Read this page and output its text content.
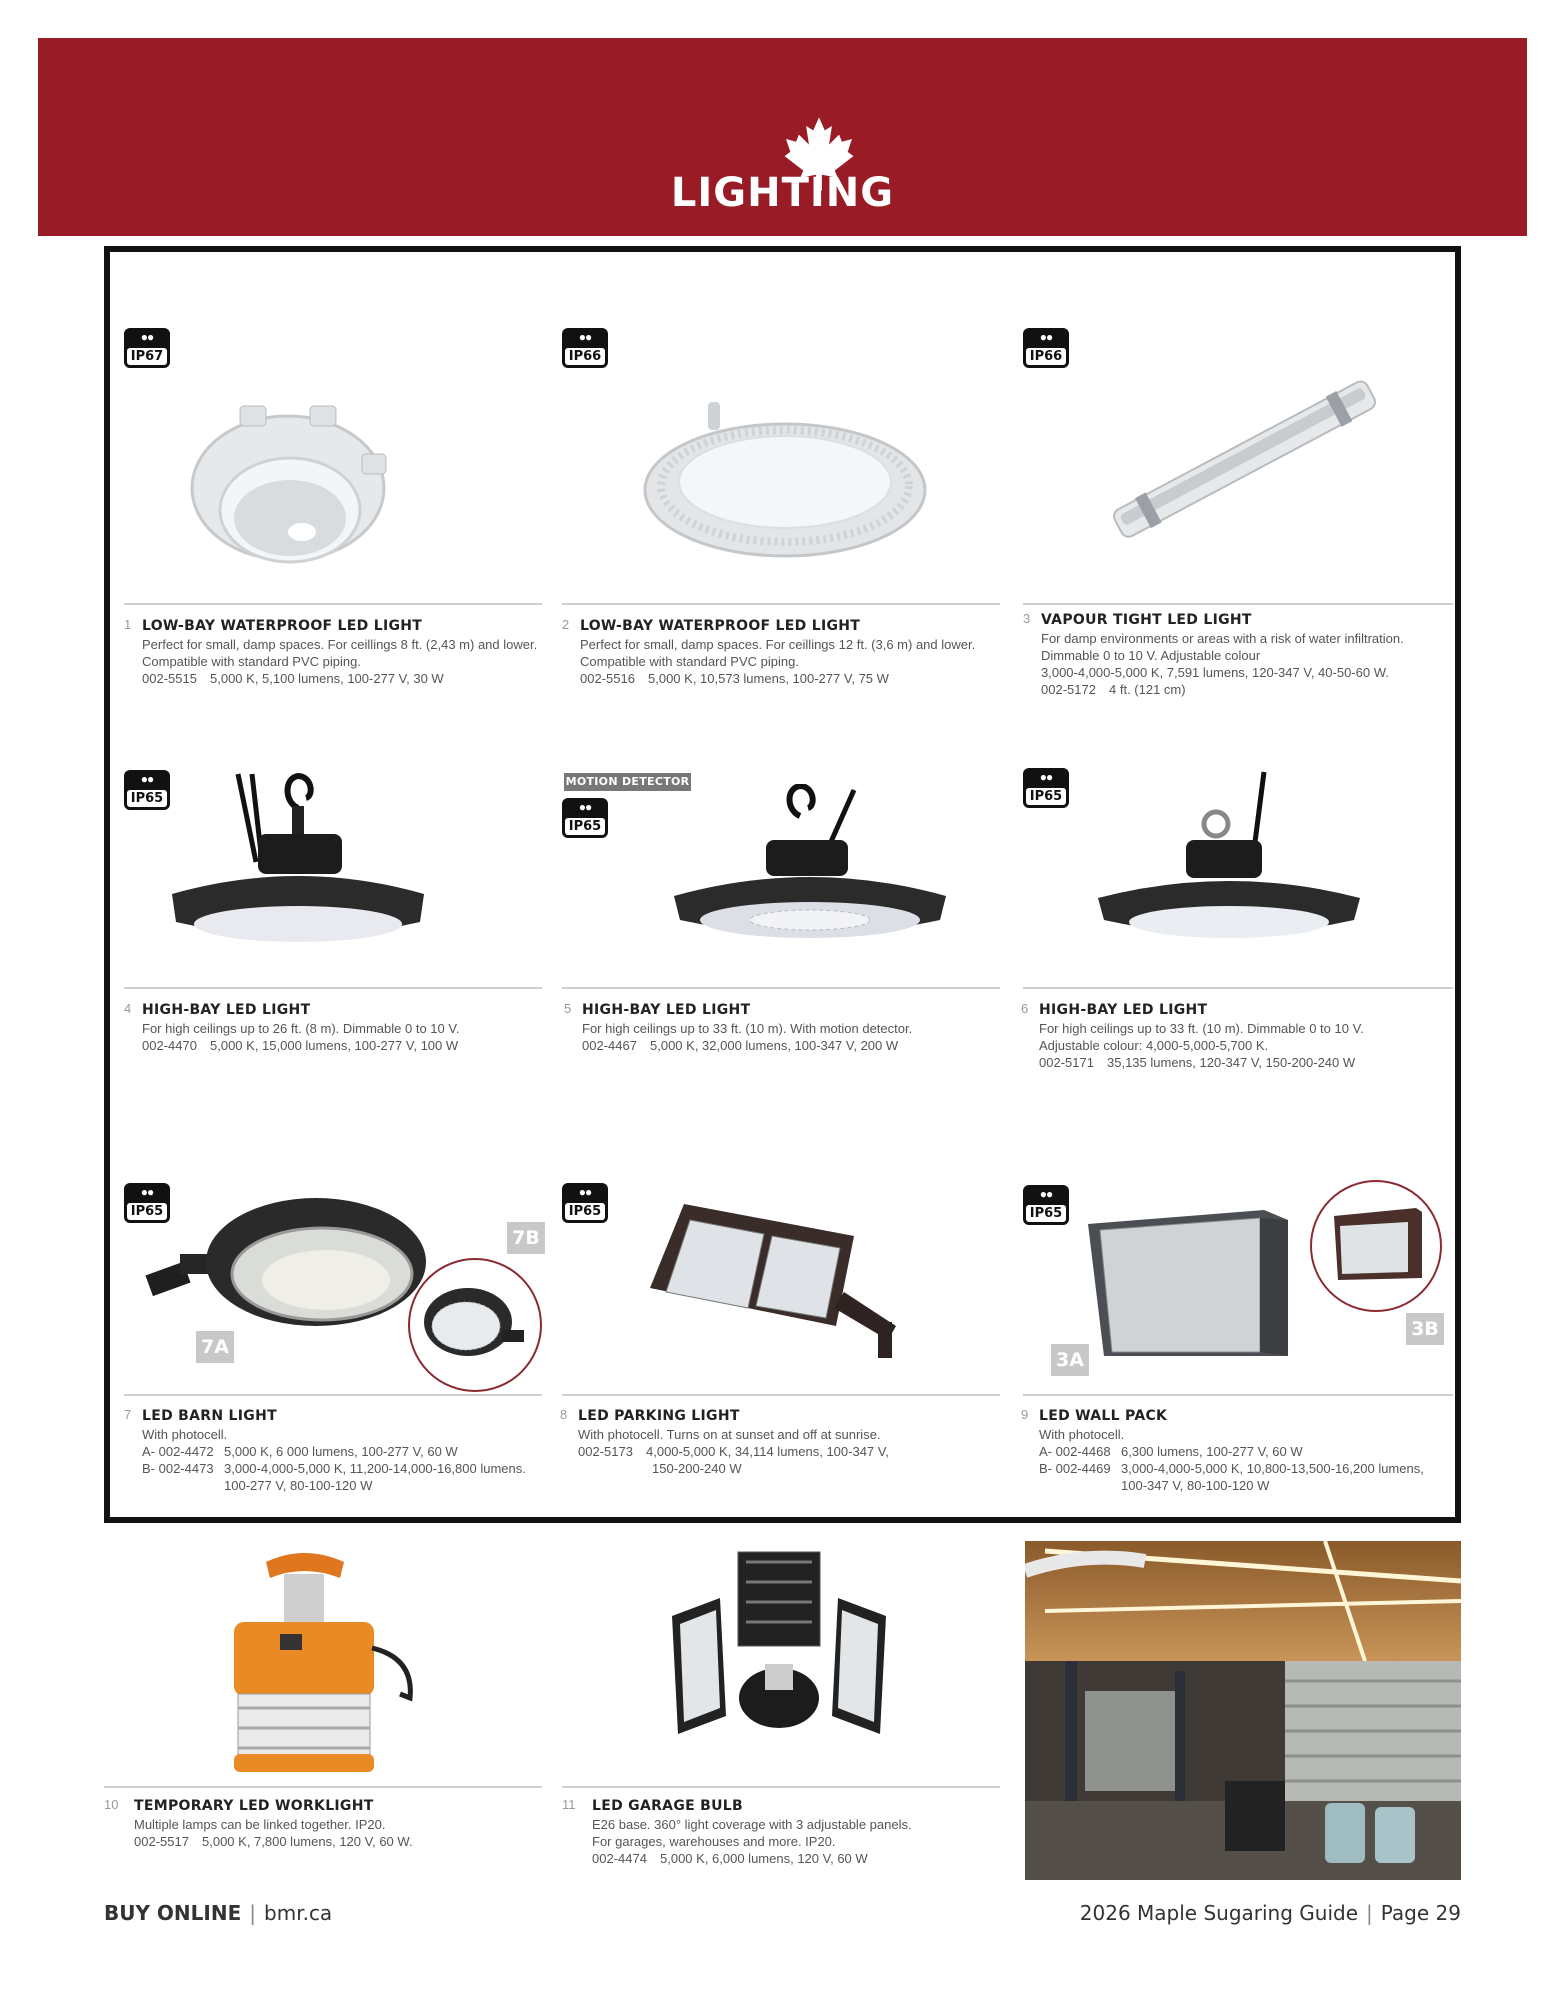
LIGHTING
●●
IP67
●●
IP66
●●
IP66
1 LOW-BAY WATERPROOF LED LIGHT
Perfect for small, damp spaces. For ceillings 8 ft. (2,43 m) and lower.
Compatible with standard PVC piping.
002-5515 5,000 K, 5,100 lumens, 100-277 V, 30 W
2 LOW-BAY WATERPROOF LED LIGHT
Perfect for small, damp spaces. For ceillings 12 ft. (3,6 m) and lower.
Compatible with standard PVC piping.
002-5516 5,000 K, 10,573 lumens, 100-277 V, 75 W
3 VAPOUR TIGHT LED LIGHT
For damp environments or areas with a risk of water infiltration.
Dimmable 0 to 10 V. Adjustable colour
3,000-4,000-5,000 K, 7,591 lumens, 120-347 V, 40-50-60 W.
002-5172 4 ft. (121 cm)
●●
IP65
MOTION DETECTOR
●●
IP65
●●
IP65
4 HIGH-BAY LED LIGHT
For high ceilings up to 26 ft. (8 m). Dimmable 0 to 10 V.
002-4470 5,000 K, 15,000 lumens, 100-277 V, 100 W
5 HIGH-BAY LED LIGHT
For high ceilings up to 33 ft. (10 m). With motion detector.
002-4467 5,000 K, 32,000 lumens, 100-347 V, 200 W
6 HIGH-BAY LED LIGHT
For high ceilings up to 33 ft. (10 m). Dimmable 0 to 10 V.
Adjustable colour: 4,000-5,000-5,700 K.
002-5171 35,135 lumens, 120-347 V, 150-200-240 W
●●
IP65
7A
7B
●●
IP65
●●
IP65
3A
3B
7 LED BARN LIGHT
With photocell.
A- 002-4472 5,000 K, 6 000 lumens, 100-277 V, 60 W
B- 002-4473 3,000-4,000-5,000 K, 11,200-14,000-16,800 lumens.
100-277 V, 80-100-120 W
8 LED PARKING LIGHT
With photocell. Turns on at sunset and off at sunrise.
002-5173 4,000-5,000 K, 34,114 lumens, 100-347 V,
150-200-240 W
9 LED WALL PACK
With photocell.
A- 002-4468 6,300 lumens, 100-277 V, 60 W
B- 002-4469 3,000-4,000-5,000 K, 10,800-13,500-16,200 lumens,
100-347 V, 80-100-120 W
10 TEMPORARY LED WORKLIGHT
Multiple lamps can be linked together. IP20.
002-5517 5,000 K, 7,800 lumens, 120 V, 60 W.
11 LED GARAGE BULB
E26 base. 360° light coverage with 3 adjustable panels.
For garages, warehouses and more. IP20.
002-4474 5,000 K, 6,000 lumens, 120 V, 60 W
BUY ONLINE | bmr.ca	2026 Maple Sugaring Guide | Page 29
